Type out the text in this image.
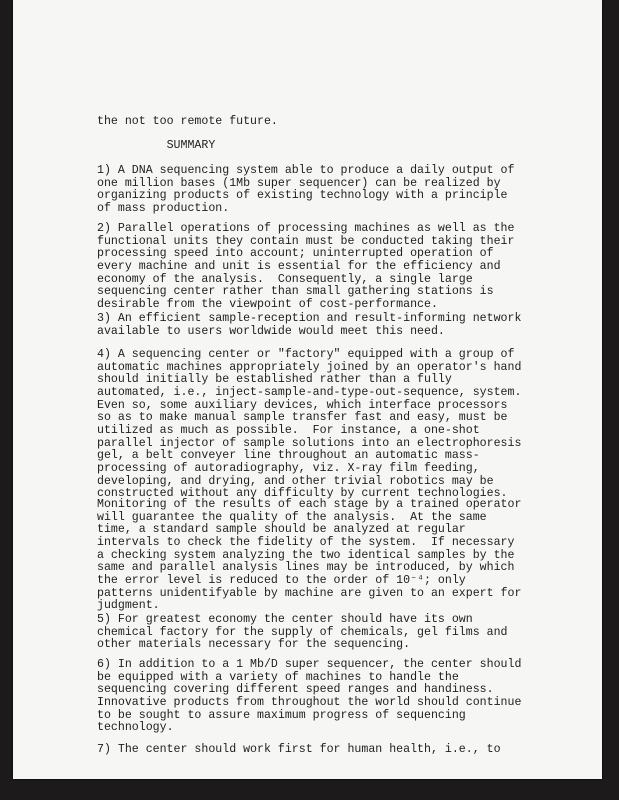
the not too remote future.
SUMMARY
1) A DNA sequencing system able to produce a daily output of
one million bases (1Mb super sequencer) can be realized by
organizing products of existing technology with a principle
of mass production.
2) Parallel operations of processing machines as well as the
functional units they contain must be conducted taking their
processing speed into account; uninterrupted operation of
every machine and unit is essential for the efficiency and
economy of the analysis.  Consequently, a single large
sequencing center rather than small gathering stations is
desirable from the viewpoint of cost-performance.
3) An efficient sample-reception and result-informing network
available to users worldwide would meet this need.
4) A sequencing center or "factory" equipped with a group of
automatic machines appropriately joined by an operator's hand
should initially be established rather than a fully
automated, i.e., inject-sample-and-type-out-sequence, system.
Even so, some auxiliary devices, which interface processors
so as to make manual sample transfer fast and easy, must be
utilized as much as possible.  For instance, a one-shot
parallel injector of sample solutions into an electrophoresis
gel, a belt conveyer line throughout an automatic mass-
processing of autoradiography, viz. X-ray film feeding,
developing, and drying, and other trivial robotics may be
constructed without any difficulty by current technologies.
Monitoring of the results of each stage by a trained operator
will guarantee the quality of the analysis.  At the same
time, a standard sample should be analyzed at regular
intervals to check the fidelity of the system.  If necessary
a checking system analyzing the two identical samples by the
same and parallel analysis lines may be introduced, by which
the error level is reduced to the order of 10⁻⁴; only
patterns unidentifyable by machine are given to an expert for
judgment.
5) For greatest economy the center should have its own
chemical factory for the supply of chemicals, gel films and
other materials necessary for the sequencing.
6) In addition to a 1 Mb/D super sequencer, the center should
be equipped with a variety of machines to handle the
sequencing covering different speed ranges and handiness.
Innovative products from throughout the world should continue
to be sought to assure maximum progress of sequencing
technology.
7) The center should work first for human health, i.e., to
